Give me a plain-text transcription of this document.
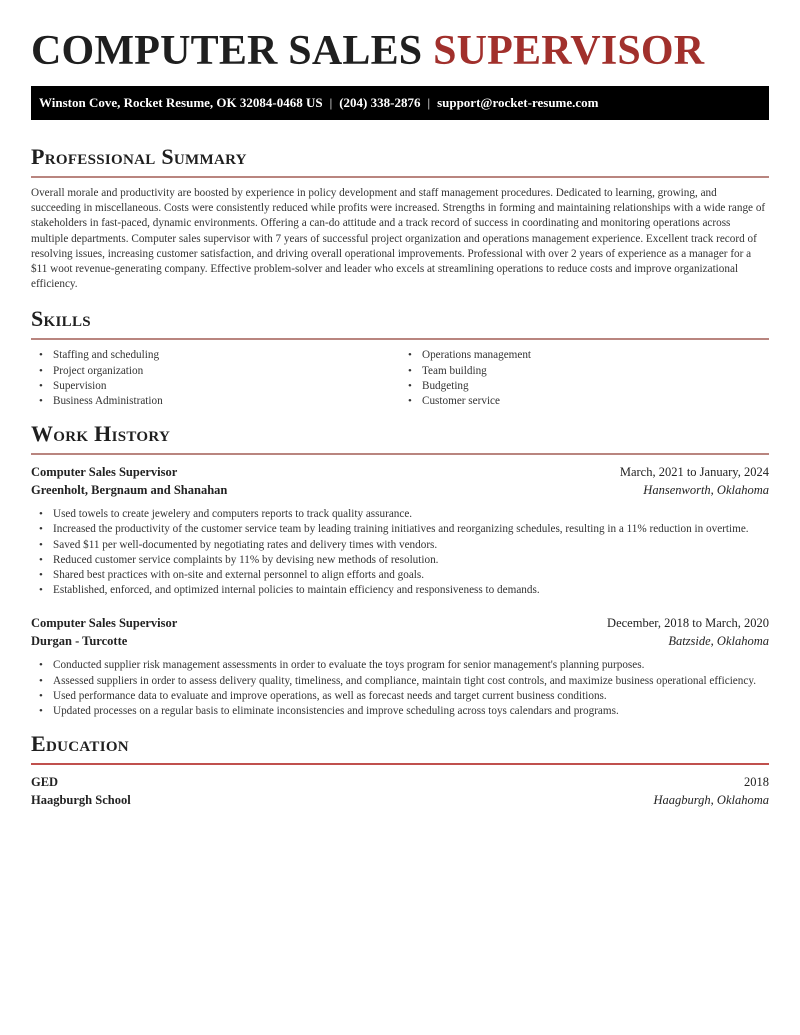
COMPUTER SALES SUPERVISOR
Winston Cove, Rocket Resume, OK 32084-0468 US | (204) 338-2876 | support@rocket-resume.com
Professional Summary

Overall morale and productivity are boosted by experience in policy development and staff management procedures. Dedicated to learning, growing, and succeeding in miscellaneous. Costs were consistently reduced while profits were increased. Strengths in forming and maintaining relationships with a wide range of stakeholders in fast-paced, dynamic environments. Offering a can-do attitude and a track record of success in coordinating and monitoring operations across multiple departments. Computer sales supervisor with 7 years of successful project organization and operations management experience. Excellent track record of resolving issues, increasing customer satisfaction, and driving overall operational improvements. Professional with over 2 years of experience as a manager for a $11 woot revenue-generating company. Effective problem-solver and leader who excels at streamlining operations to reduce costs and improve organizational efficiency.

Skills
• Staffing and scheduling
• Project organization
• Supervision
• Business Administration
• Operations management
• Team building
• Budgeting
• Customer service
Work History
Computer Sales Supervisor	March, 2021 to January, 2024
Greenholt, Bergnaum and Shanahan	Hansenworth, Oklahoma
• Used towels to create jewelery and computers reports to track quality assurance.
• Increased the productivity of the customer service team by leading training initiatives and reorganizing schedules, resulting in a 11% reduction in overtime.
• Saved $11 per well-documented by negotiating rates and delivery times with vendors.
• Reduced customer service complaints by 11% by devising new methods of resolution.
• Shared best practices with on-site and external personnel to align efforts and goals.
• Established, enforced, and optimized internal policies to maintain efficiency and responsiveness to demands.
Computer Sales Supervisor	December, 2018 to March, 2020
Durgan - Turcotte	Batzside, Oklahoma
• Conducted supplier risk management assessments in order to evaluate the toys program for senior management's planning purposes.
• Assessed suppliers in order to assess delivery quality, timeliness, and compliance, maintain tight cost controls, and maximize business operational efficiency.
• Used performance data to evaluate and improve operations, as well as forecast needs and target current business conditions.
• Updated processes on a regular basis to eliminate inconsistencies and improve scheduling across toys calendars and programs.
Education
GED	2018
Haagburgh School	Haagburgh, Oklahoma
